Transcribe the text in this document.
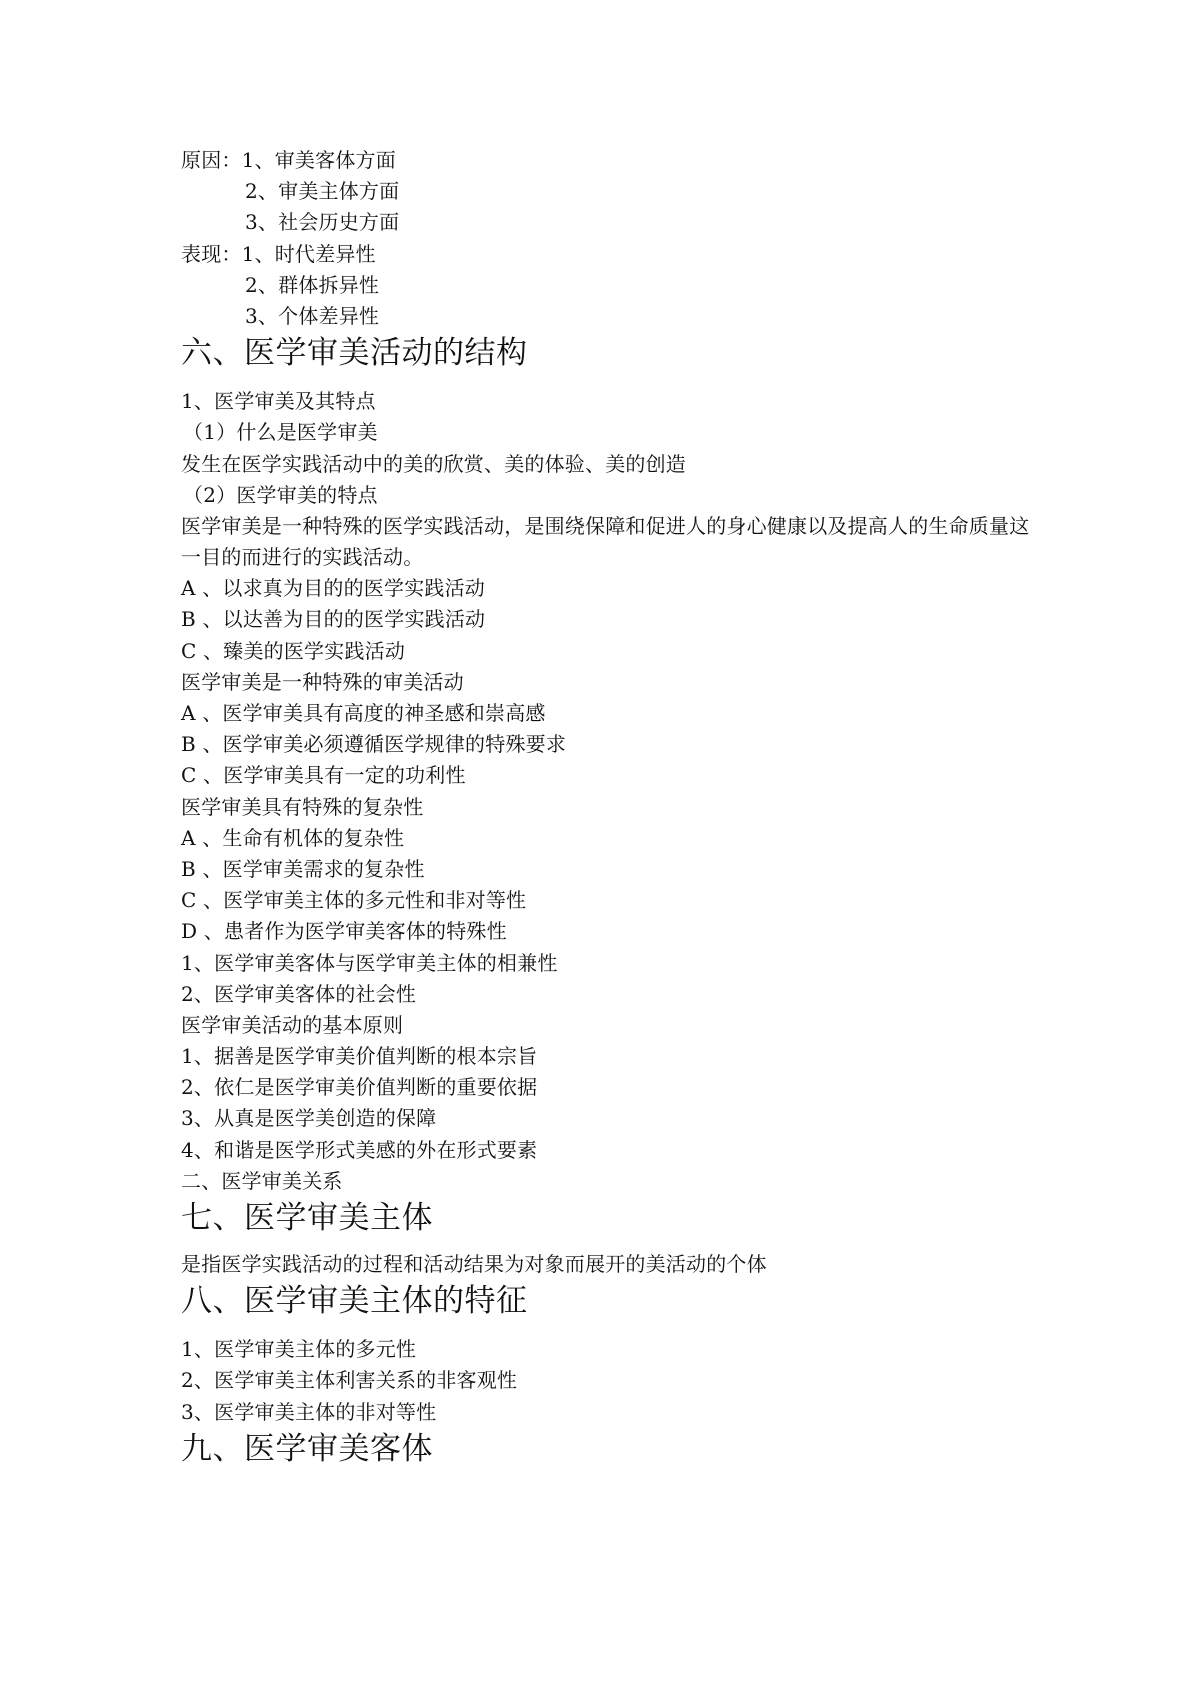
原因：1、审美客体方面
2、审美主体方面
3、社会历史方面
表现：1、时代差异性
2、群体拆异性
3、个体差异性
六、医学审美活动的结构
1、医学审美及其特点
（1）什么是医学审美
发生在医学实践活动中的美的欣赏、美的体验、美的创造
（2）医学审美的特点
医学审美是一种特殊的医学实践活动，是围绕保障和促进人的身心健康以及提高人的生命质量这一目的而进行的实践活动。
A 、以求真为目的的医学实践活动
B 、以达善为目的的医学实践活动
C 、臻美的医学实践活动
医学审美是一种特殊的审美活动
A 、医学审美具有高度的神圣感和崇高感
B 、医学审美必须遵循医学规律的特殊要求
C 、医学审美具有一定的功利性
医学审美具有特殊的复杂性
A 、生命有机体的复杂性
B 、医学审美需求的复杂性
C 、医学审美主体的多元性和非对等性
D 、患者作为医学审美客体的特殊性
1、医学审美客体与医学审美主体的相兼性
2、医学审美客体的社会性
医学审美活动的基本原则
1、据善是医学审美价值判断的根本宗旨
2、依仁是医学审美价值判断的重要依据
3、从真是医学美创造的保障
4、和谐是医学形式美感的外在形式要素
二、医学审美关系
七、医学审美主体
是指医学实践活动的过程和活动结果为对象而展开的美活动的个体
八、医学审美主体的特征
1、医学审美主体的多元性
2、医学审美主体利害关系的非客观性
3、医学审美主体的非对等性
九、医学审美客体
